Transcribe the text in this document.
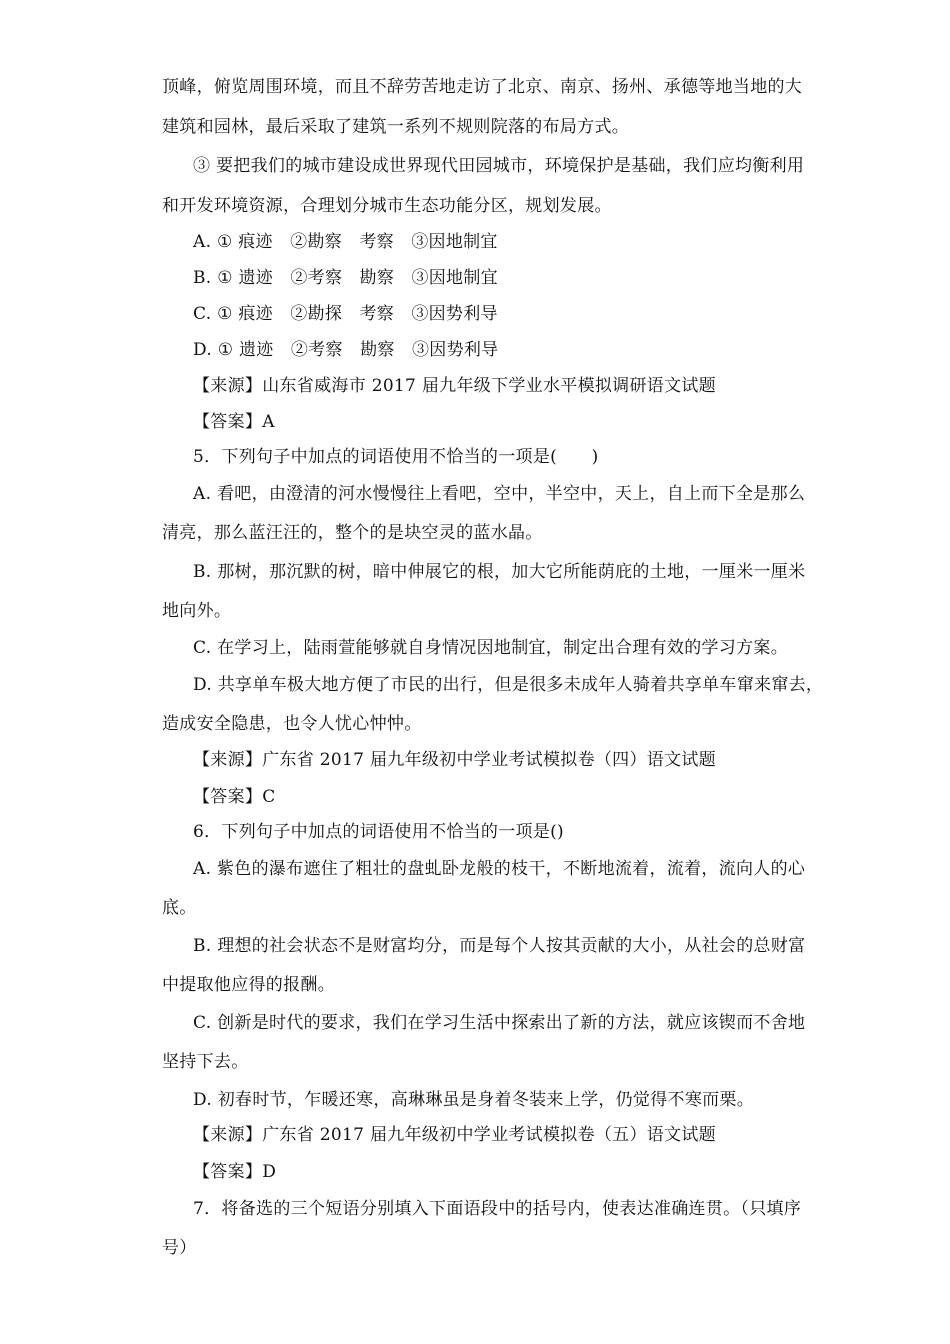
顶峰，俯览周围环境，而且不辞劳苦地走访了北京、南京、扬州、承德等地当地的大
建筑和园林，最后采取了建筑一系列不规则院落的布局方式。
③ 要把我们的城市建设成世界现代田园城市，环境保护是基础，我们应均衡利用
和开发环境资源，合理划分城市生态功能分区，规划发展。
A. ① 痕迹　②勘察　考察　③因地制宜
B. ① 遗迹　②考察　勘察　③因地制宜
C. ① 痕迹　②勘探　考察　③因势利导
D. ① 遗迹　②考察　勘察　③因势利导
【来源】山东省威海市 2017 届九年级下学业水平模拟调研语文试题
【答案】A
5．下列句子中加点的词语使用不恰当的一项是(　　)
A. 看吧，由澄清的河水慢慢往上看吧，空中，半空中，天上，自上而下全是那么
清亮，那么蓝汪汪的，整个的是块空灵的蓝水晶。
B. 那树，那沉默的树，暗中伸展它的根，加大它所能荫庇的土地，一厘米一厘米
地向外。
C. 在学习上，陆雨萱能够就自身情况因地制宜，制定出合理有效的学习方案。
D. 共享单车极大地方便了市民的出行，但是很多未成年人骑着共享单车窜来窜去，
造成安全隐患，也令人忧心忡忡。
【来源】广东省 2017 届九年级初中学业考试模拟卷（四）语文试题
【答案】C
6．下列句子中加点的词语使用不恰当的一项是()
A. 紫色的瀑布遮住了粗壮的盘虬卧龙般的枝干，不断地流着，流着，流向人的心
底。
B. 理想的社会状态不是财富均分，而是每个人按其贡献的大小，从社会的总财富
中提取他应得的报酬。
C. 创新是时代的要求，我们在学习生活中探索出了新的方法，就应该锲而不舍地
坚持下去。
D. 初春时节，乍暖还寒，高琳琳虽是身着冬装来上学，仍觉得不寒而栗。
【来源】广东省 2017 届九年级初中学业考试模拟卷（五）语文试题
【答案】D
7．将备选的三个短语分别填入下面语段中的括号内，使表达准确连贯。（只填序
号）
